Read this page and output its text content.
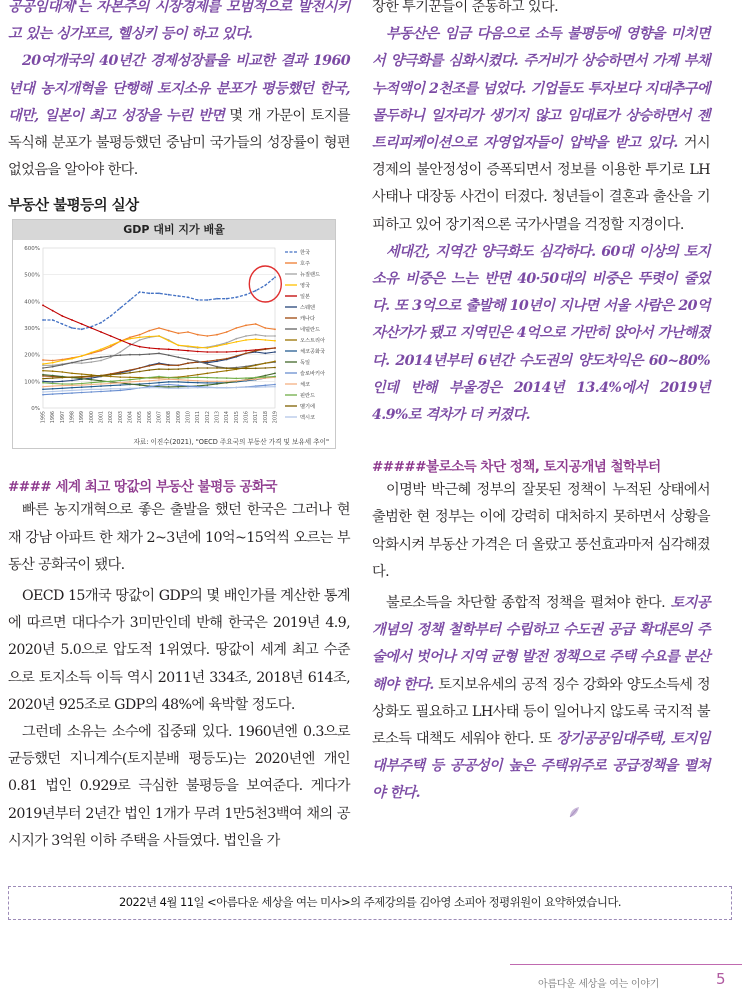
공공임대제'는 자본주의 시장경제를 모범적으로 발전시키고 있는 싱가포르, 헬싱키 등이 하고 있다.

20여개국의 40년간 경제성장률을 비교한 결과 1960년대 농지개혁을 단행해 토지소유 분포가 평등했던 한국, 대만, 일본이 최고 성장을 누린 반면 몇 개 가문이 토지를 독식해 분포가 불평등했던 중남미 국가들의 성장률이 형편없었음을 알아야 한다.

부동산 불평등의 실상
GDP 대비 지가 배율
0%
100%
200%
300%
400%
500%
600%
1995 1996 1997 1998 1999 2000 2001 2002 2003 2004 2005 2006 2007 2008 2009 2010 2011 2012 2013 2014 2015 2016 2017 2018 2019
한국
호주
뉴질랜드
영국
일본
스웨덴
캐나다
네덜란드
오스트리아
체코공화국
독일
슬로바키아
체코
핀란드
벨기에
멕시코
자료: 이진수(2021), "OECD 주요국의 부동산 가격 및 보유세 추이"
#### 세계 최고 땅값의 부동산 불평등 공화국

빠른 농지개혁으로 좋은 출발을 했던 한국은 그러나 현재 강남 아파트 한 채가 2~3년에 10억~15억씩 오르는 부동산 공화국이 됐다.

OECD 15개국 땅값이 GDP의 몇 배인가를 계산한 통계에 따르면 대다수가 3미만인데 반해 한국은 2019년 4.9, 2020년 5.0으로 압도적 1위였다. 땅값이 세계 최고 수준으로 토지소득 이득 역시 2011년 334조, 2018년 614조, 2020년 925조로 GDP의 48%에 육박할 정도다.

그런데 소유는 소수에 집중돼 있다. 1960년엔 0.3으로 균등했던 지니계수(토지분배 평등도)는 2020년엔 개인 0.81 법인 0.929로 극심한 불평등을 보여준다. 게다가 2019년부터 2년간 법인 1개가 무려 1만5천3백여 채의 공시지가 3억원 이하 주택을 사들였다. 법인을 가

장한 투기꾼들이 준동하고 있다.

부동산은 임금 다음으로 소득 불평등에 영향을 미치면서 양극화를 심화시켰다. 주거비가 상승하면서 가계 부채 누적액이 2천조를 넘었다. 기업들도 투자보다 지대추구에 몰두하니 일자리가 생기지 않고 임대료가 상승하면서 젠트리피케이션으로 자영업자들이 압박을 받고 있다. 거시경제의 불안정성이 증폭되면서 정보를 이용한 투기로 LH사태나 대장동 사건이 터졌다. 청년들이 결혼과 출산을 기피하고 있어 장기적으론 국가사멸을 걱정할 지경이다.

세대간, 지역간 양극화도 심각하다. 60대 이상의 토지 소유 비중은 느는 반면 40·50대의 비중은 뚜렷이 줄었다. 또 3억으로 출발해 10년이 지나면 서울 사람은 20억 자산가가 됐고 지역민은 4억으로 가만히 앉아서 가난해졌다. 2014년부터 6년간 수도권의 양도차익은 60~80%인데 반해 부울경은 2014년 13.4%에서 2019년 4.9%로 격차가 더 커졌다.

#####불로소득 차단 정책, 토지공개념 철학부터

이명박 박근혜 정부의 잘못된 정책이 누적된 상태에서 출범한 현 정부는 이에 강력히 대처하지 못하면서 상황을 악화시켜 부동산 가격은 더 올랐고 풍선효과마저 심각해졌다.

불로소득을 차단할 종합적 정책을 펼쳐야 한다. 토지공개념의 정책 철학부터 수립하고 수도권 공급 확대론의 주술에서 벗어나 지역 균형 발전 정책으로 주택 수요를 분산해야 한다. 토지보유세의 공적 징수 강화와 양도소득세 정상화도 필요하고 LH사태 등이 일어나지 않도록 국지적 불로소득 대책도 세워야 한다. 또 장기공공임대주택, 토지임대부주택 등 공공성이 높은 주택위주로 공급정책을 펼쳐야 한다.

2022년 4월 11일 <아름다운 세상을 여는 미사>의 주제강의를 김아영 소피아 정평위원이 요약하였습니다.
아름다운 세상을 여는 이야기	5
